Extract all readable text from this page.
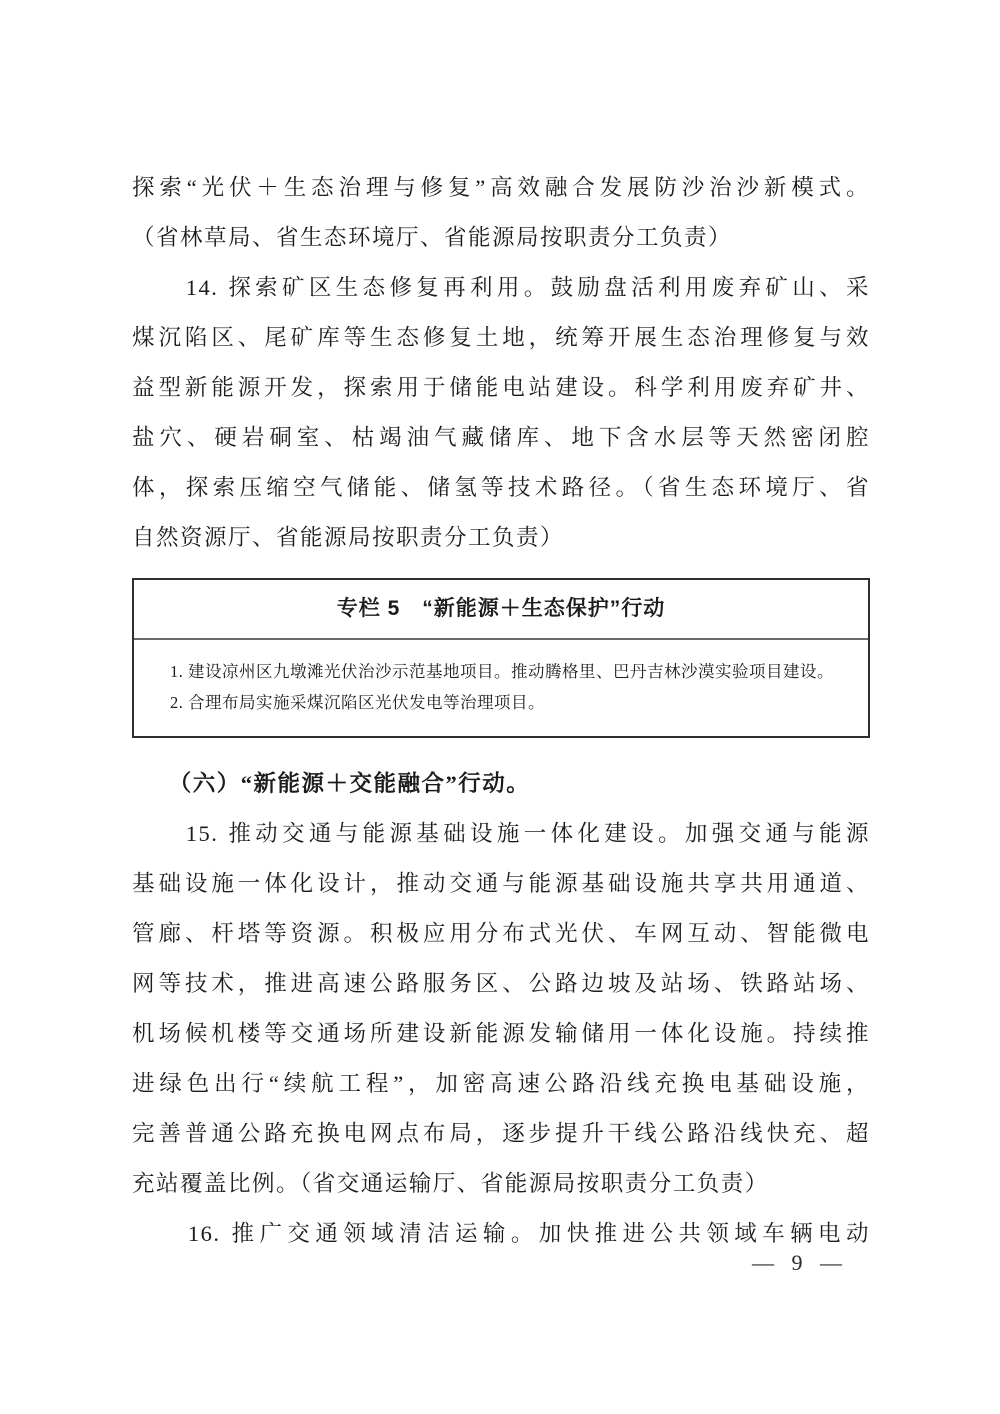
探索“光伏＋生态治理与修复”高效融合发展防沙治沙新模式。
（省林草局、省生态环境厅、省能源局按职责分工负责）
　　14. 探索矿区生态修复再利用。鼓励盘活利用废弃矿山、采
煤沉陷区、尾矿库等生态修复土地，统筹开展生态治理修复与效
益型新能源开发，探索用于储能电站建设。科学利用废弃矿井、
盐穴、硬岩硐室、枯竭油气藏储库、地下含水层等天然密闭腔
体，探索压缩空气储能、储氢等技术路径。（省生态环境厅、省
自然资源厅、省能源局按职责分工负责）
专栏 5　“新能源＋生态保护”行动
1. 建设凉州区九墩滩光伏治沙示范基地项目。推动腾格里、巴丹吉林沙漠实验项目建设。
2. 合理布局实施采煤沉陷区光伏发电等治理项目。
　　（六）“新能源＋交能融合”行动。
　　15. 推动交通与能源基础设施一体化建设。加强交通与能源
基础设施一体化设计，推动交通与能源基础设施共享共用通道、
管廊、杆塔等资源。积极应用分布式光伏、车网互动、智能微电
网等技术，推进高速公路服务区、公路边坡及站场、铁路站场、
机场候机楼等交通场所建设新能源发输储用一体化设施。持续推
进绿色出行“续航工程”，加密高速公路沿线充换电基础设施，
完善普通公路充换电网点布局，逐步提升干线公路沿线快充、超
充站覆盖比例。（省交通运输厅、省能源局按职责分工负责）
　　16. 推广交通领域清洁运输。加快推进公共领域车辆电动
— 9 —
